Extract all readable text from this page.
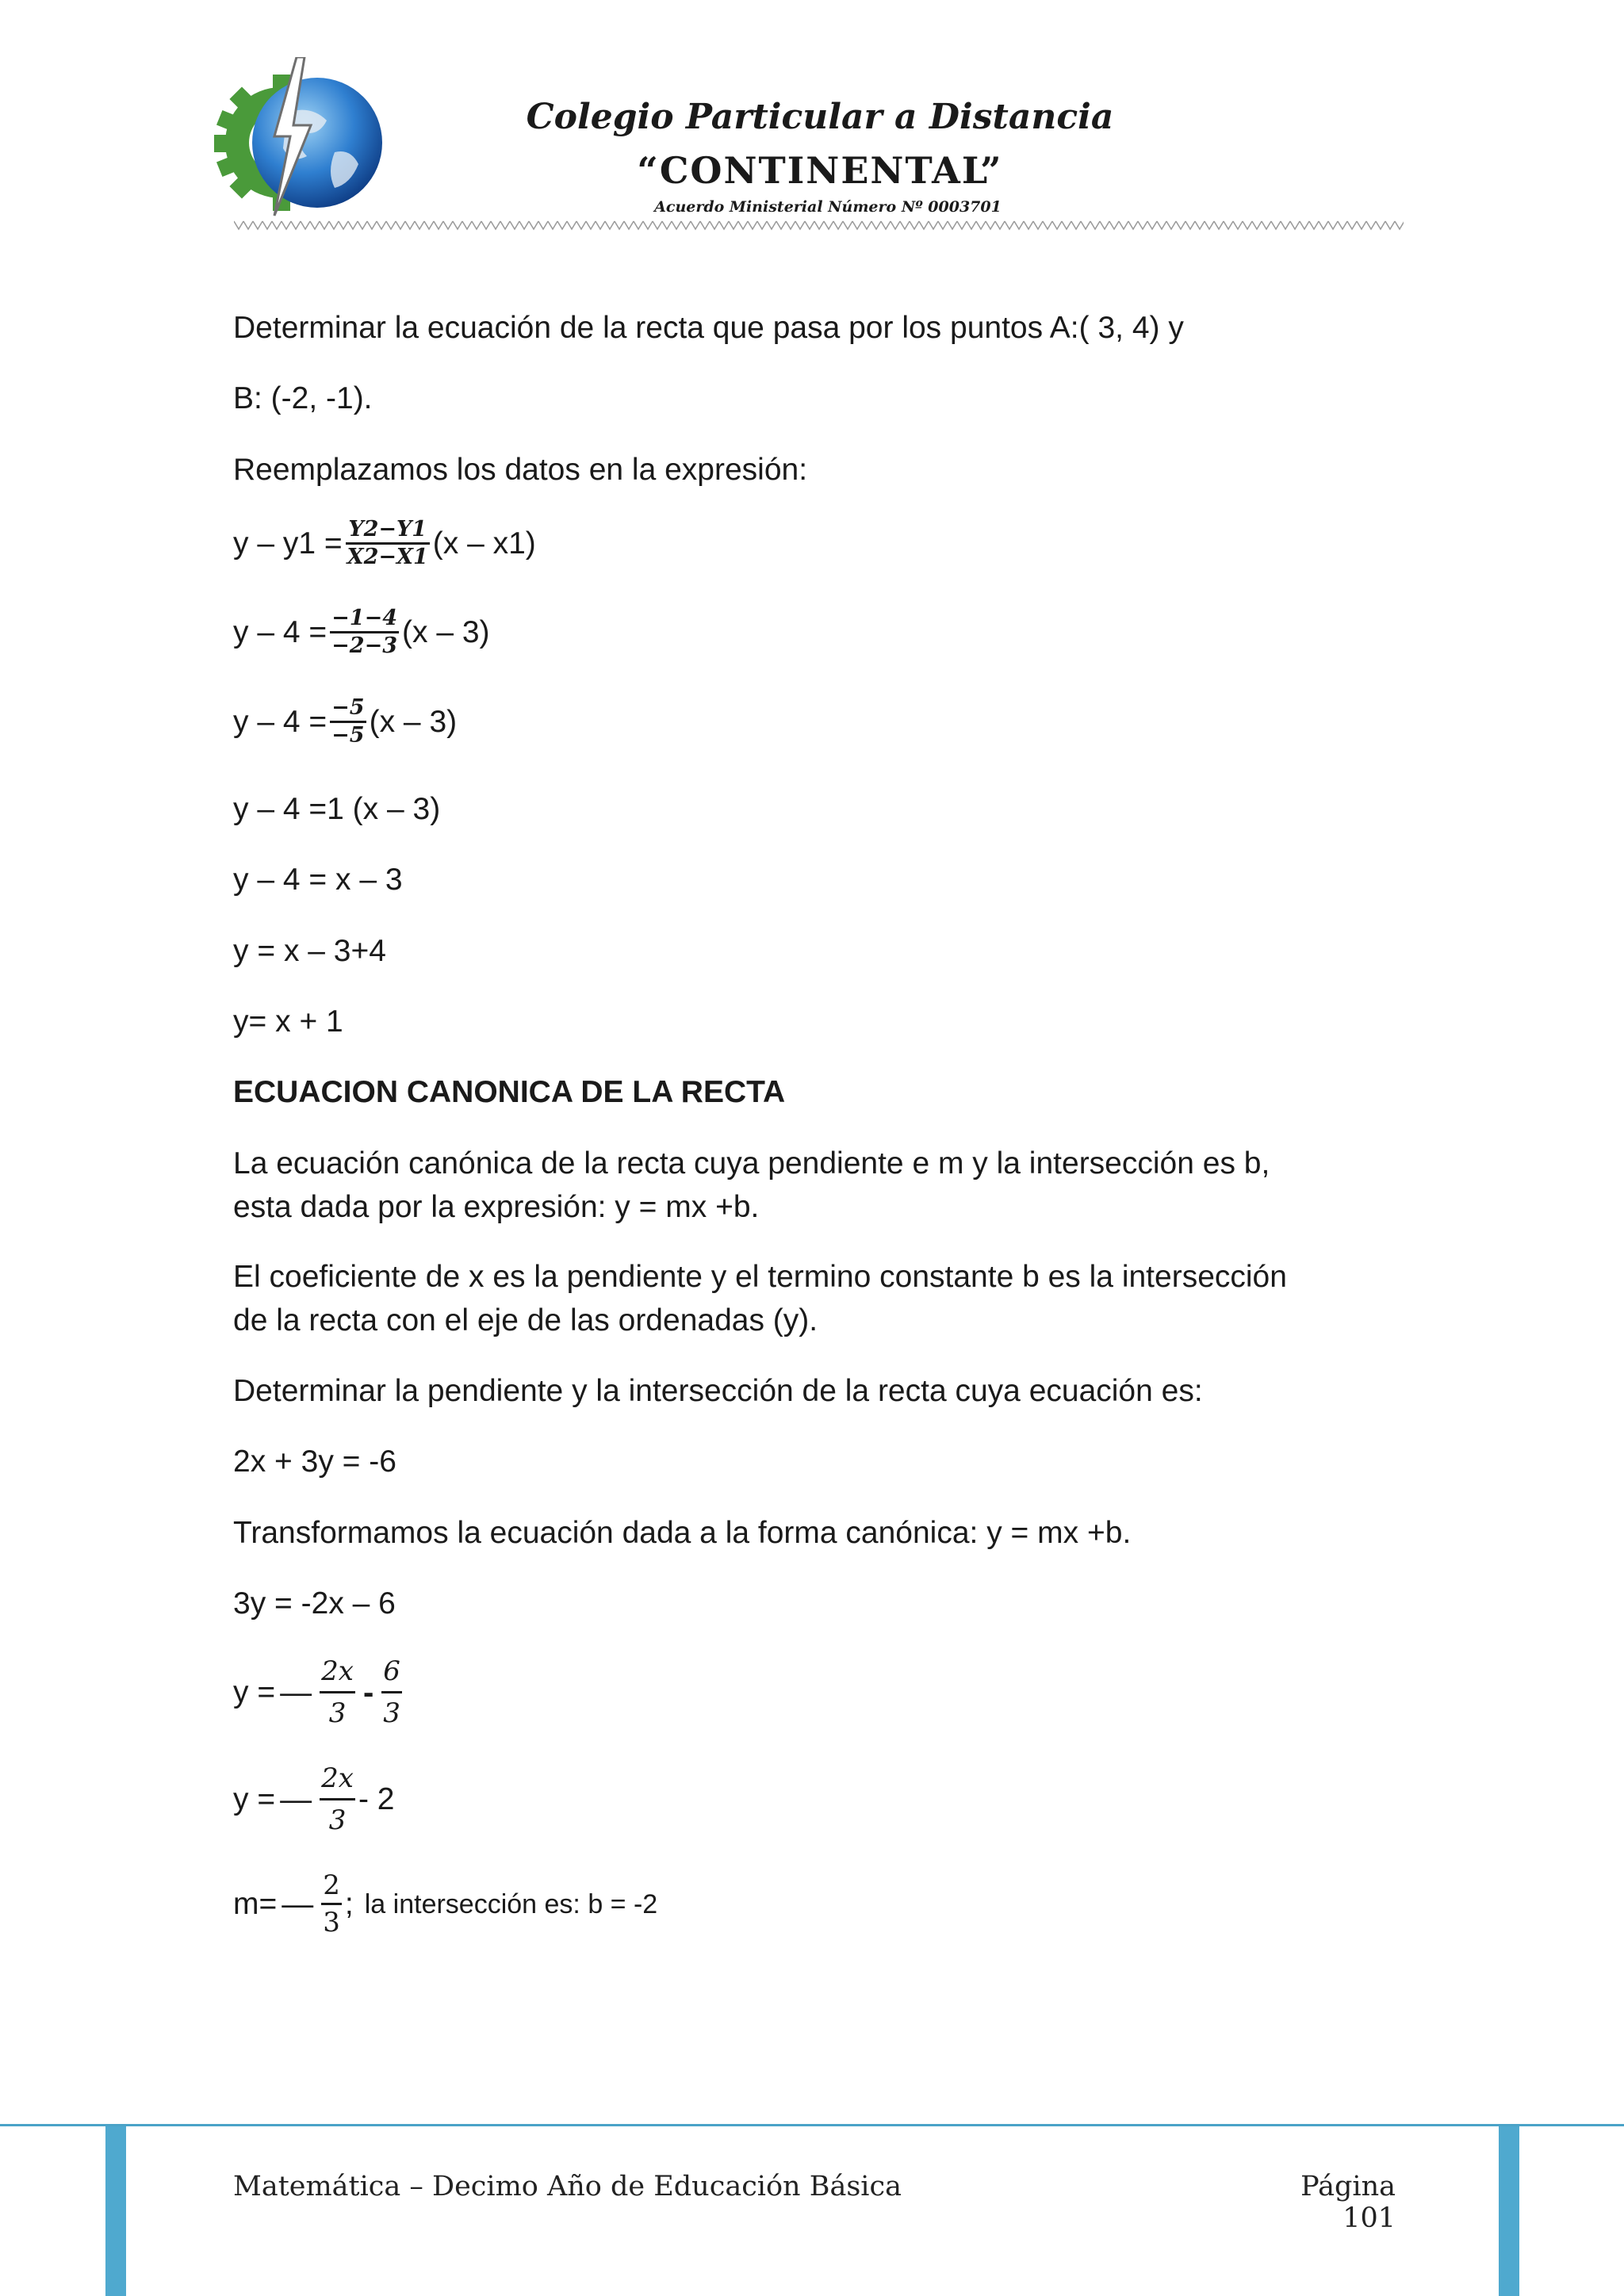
Colegio Particular a Distancia
“CONTINENTAL”
Acuerdo Ministerial Número Nº 0003701
Determinar la ecuación de la recta que pasa por los puntos A:( 3, 4) y
B: (-2, -1).
Reemplazamos los datos en la expresión:
$y - y1 = \frac{Y2-Y1}{X2-X1} (x - x1)$
$y - 4 = \frac{-1-4}{-2-3} (x - 3)$
$y - 4 = \frac{-5}{-5} (x - 3)$
y – 4 =1 (x – 3)
y – 4 = x – 3
y = x – 3+4
y= x + 1
ECUACION CANONICA DE LA RECTA
La ecuación canónica de la recta cuya pendiente e m y la intersección es b,
esta dada por la expresión: y = mx +b.
El coeficiente de x es la pendiente y el termino constante b es la intersección
de la recta con el eje de las ordenadas (y).
Determinar la pendiente y la intersección de la recta cuya ecuación es:
2x + 3y = -6
Transformamos la ecuación dada a la forma canónica: y = mx +b.
3y = -2x – 6
y = — $\frac{\text{2𝑥}}{3} - \frac{6}{3}$
y = — $\frac{\text{2𝑥}}{3} - 2$
m= — $\frac{2}{3}$ ; la intersección es: b = -2
Matemática – Decimo Año de Educación Básica	Página 101
